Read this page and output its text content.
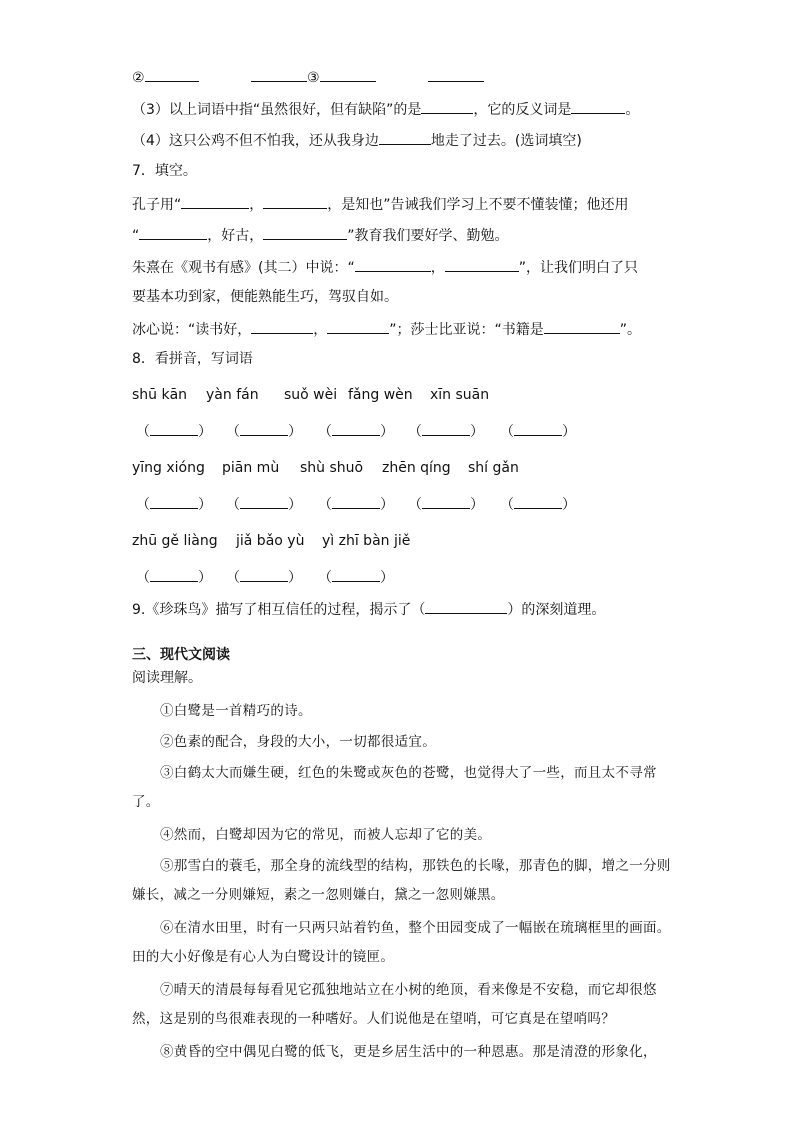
②	③
（3）以上词语中指“虽然很好，但有缺陷”的是	，它的反义词是	。
（4）这只公鸡不但不怕我，还从我身边	地走了过去。(选词填空)
7．填空。
孔子用“	，	，是知也”告诫我们学习上不要不懂装懂；他还用
“	，好古，	”教育我们要好学、勤勉。
朱熹在《观书有感》(其二）中说：“	，	”，让我们明白了只
要基本功到家，便能熟能生巧，驾驭自如。
冰心说：“读书好，	，	”；莎士比亚说：“书籍是	”。
8．看拼音，写词语
shū kān yàn fán suǒ wèi fǎng wèn xīn suān
（	） （	） （	） （	） （	）
yīng xióng piān mù shù shuō zhēn qíng shí gǎn
（	） （	） （	） （	） （	）
zhū gě liàng jiǎ bǎo yù yì zhī bàn jiě
（	） （	） （	）
9.《珍珠鸟》描写了相互信任的过程，揭示了（	）的深刻道理。
三、现代文阅读
阅读理解。
①白鹭是一首精巧的诗。
②色素的配合，身段的大小，一切都很适宜。
③白鹤太大而嫌生硬，红色的朱鹭或灰色的苍鹭，也觉得大了一些，而且太不寻常了。
④然而，白鹭却因为它的常见，而被人忘却了它的美。
⑤那雪白的蓑毛，那全身的流线型的结构，那铁色的长喙，那青色的脚，增之一分则嫌长，减之一分则嫌短，素之一忽则嫌白，黛之一忽则嫌黑。
⑥在清水田里，时有一只两只站着钓鱼，整个田园变成了一幅嵌在琉璃框里的画面。田的大小好像是有心人为白鹭设计的镜匣。
⑦晴天的清晨每每看见它孤独地站立在小树的绝顶，看来像是不安稳，而它却很悠然，这是别的鸟很难表现的一种嗜好。人们说他是在望哨，可它真是在望哨吗？
⑧黄昏的空中偶见白鹭的低飞，更是乡居生活中的一种恩惠。那是清澄的形象化，
